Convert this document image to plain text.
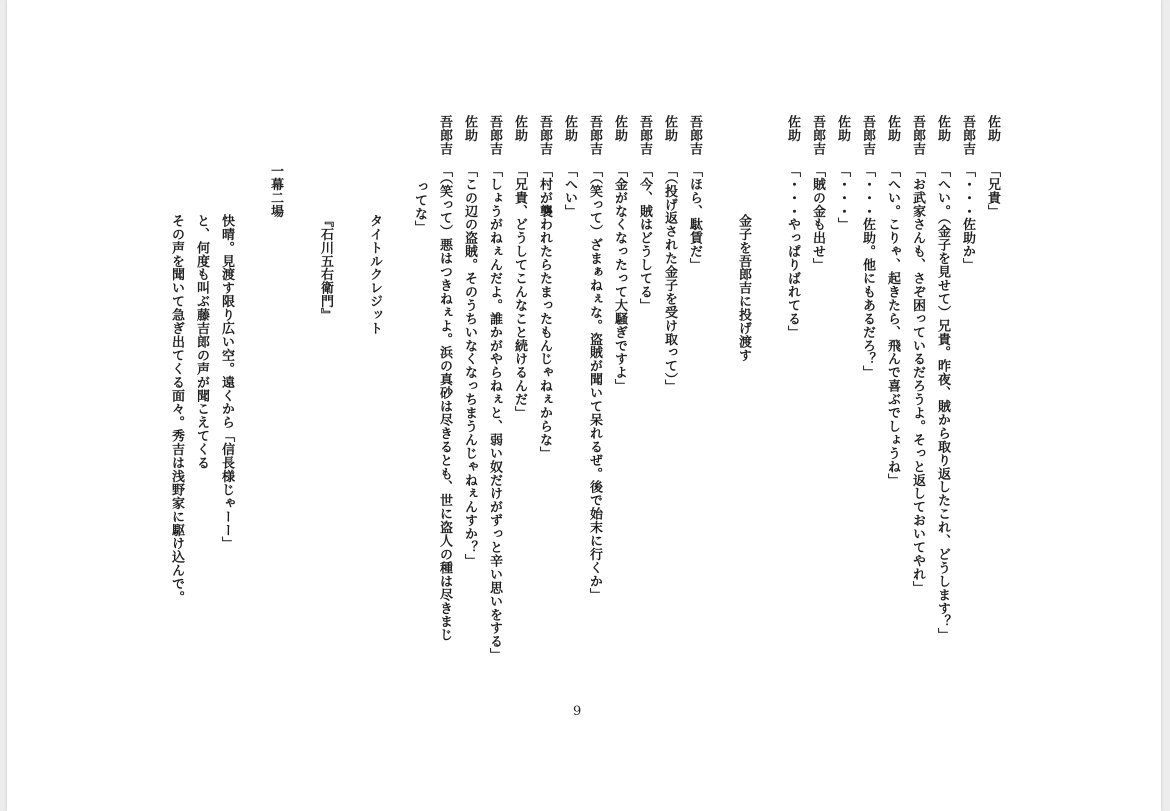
佐助
吾郎吉
佐助
吾郎吉
佐助
吾郎吉
佐助
吾郎吉
佐助
「兄貴」
「・・・佐助か」
「へい。（金子を見せて）兄貴。昨夜、賊から取り返したこれ、どうします？」
「お武家さんも、さぞ困っているだろうよ。そっと返しておいてやれ」
「へい。こりゃ、起きたら、飛んで喜ぶでしょうね」
「・・・佐助。他にもあるだろ？」
「・・・」
「賊の金も出せ」
「・・・やっぱりばれてる」
金子を吾郎吉に投げ渡す
吾郎吉
佐助
吾郎吉
佐助
吾郎吉
佐助
吾郎吉
佐助
吾郎吉
佐助
吾郎吉
「ほら、駄賃だ」
「（投げ返された金子を受け取って）」
「今、賊はどうしてる」
「金がなくなったって大騒ぎですよ」
「（笑って）ざまぁねぇな。盗賊が聞いて呆れるぜ。後で始末に行くか」
「へい」
「村が襲われたらたまったもんじゃねぇからな」
「兄貴、どうしてこんなこと続けるんだ」
「しょうがねぇんだよ。誰かがやらねぇと、弱い奴だけがずっと辛い思いをする」
「この辺の盗賊。そのうちいなくなっちまうんじゃねぇんすか？」
「（笑って）悪はつきねぇよ。浜の真砂は尽きるとも、世に盗人の種は尽きまじ
ってな」
タイトルクレジット
『石川五右衛門』
一幕二場
快晴。見渡す限り広い空。遠くから「信長様じゃーー」
と、何度も叫ぶ藤吉郎の声が聞こえてくる
その声を聞いて急ぎ出てくる面々。秀吉は浅野家に駆け込んで。
9
